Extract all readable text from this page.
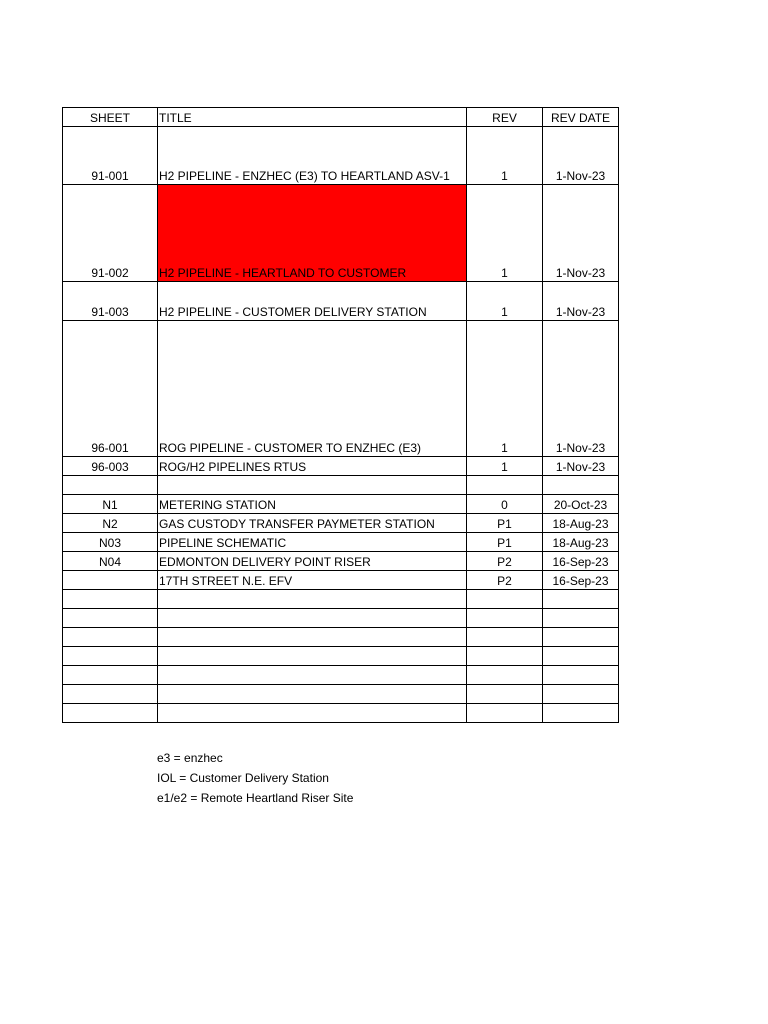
SHEET	TITLE	REV	REV DATE
91-001	H2 PIPELINE - ENZHEC (E3) TO HEARTLAND ASV-1	1	1-Nov-23
91-002	H2 PIPELINE - HEARTLAND TO CUSTOMER	1	1-Nov-23
91-003	H2 PIPELINE - CUSTOMER DELIVERY STATION	1	1-Nov-23
96-001	ROG PIPELINE - CUSTOMER TO ENZHEC (E3)	1	1-Nov-23
96-003	ROG/H2 PIPELINES RTUS	1	1-Nov-23

N1	METERING STATION	0	20-Oct-23
N2	GAS CUSTODY TRANSFER PAYMETER STATION	P1	18-Aug-23
N03	PIPELINE SCHEMATIC	P1	18-Aug-23
N04	EDMONTON DELIVERY POINT RISER	P2	16-Sep-23
	17TH STREET N.E. EFV	P2	16-Sep-23

e3 = enzhec
IOL = Customer Delivery Station
e1/e2 = Remote Heartland Riser Site
